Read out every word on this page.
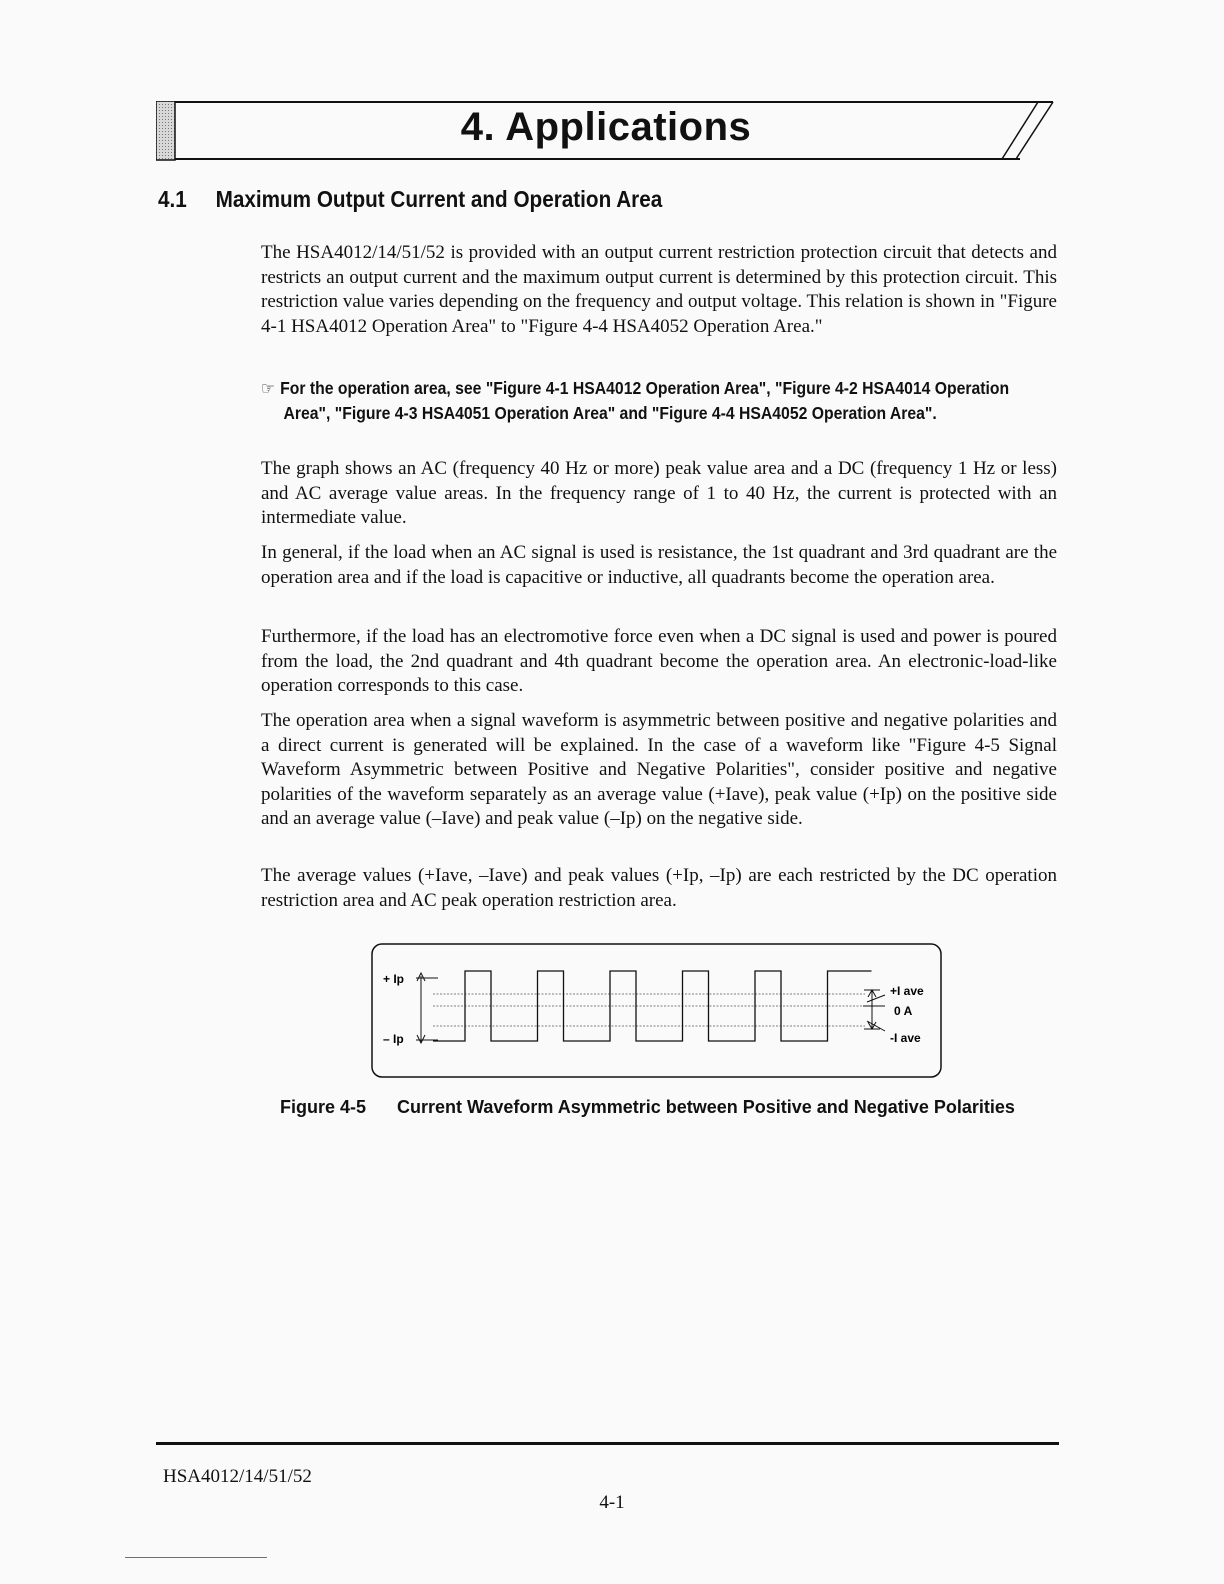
4. Applications
4.1 Maximum Output Current and Operation Area

The HSA4012/14/51/52 is provided with an output current restriction protection circuit that detects and restricts an output current and the maximum output current is determined by this protection circuit. This restriction value varies depending on the frequency and output voltage. This relation is shown in "Figure 4-1 HSA4012 Operation Area" to "Figure 4-4 HSA4052 Operation Area."

☞ For the operation area, see "Figure 4-1 HSA4012 Operation Area", "Figure 4-2 HSA4014 Operation
Area", "Figure 4-3 HSA4051 Operation Area" and "Figure 4-4 HSA4052 Operation Area".

The graph shows an AC (frequency 40 Hz or more) peak value area and a DC (frequency 1 Hz or less) and AC average value areas. In the frequency range of 1 to 40 Hz, the current is protected with an intermediate value.

In general, if the load when an AC signal is used is resistance, the 1st quadrant and 3rd quadrant are the operation area and if the load is capacitive or inductive, all quadrants become the operation area.

Furthermore, if the load has an electromotive force even when a DC signal is used and power is poured from the load, the 2nd quadrant and 4th quadrant become the operation area. An electronic-load-like operation corresponds to this case.

The operation area when a signal waveform is asymmetric between positive and negative polarities and a direct current is generated will be explained. In the case of a waveform like "Figure 4-5 Signal Waveform Asymmetric between Positive and Negative Polarities", consider positive and negative polarities of the waveform separately as an average value (+Iave), peak value (+Ip) on the positive side and an average value (–Iave) and peak value (–Ip) on the negative side.

The average values (+Iave, –Iave) and peak values (+Ip, –Ip) are each restricted by the DC operation restriction area and AC peak operation restriction area.

+ Ip
– Ip
+I ave
0 A
-I ave
Figure 4-5 Current Waveform Asymmetric between Positive and Negative Polarities
HSA4012/14/51/52
4-1
